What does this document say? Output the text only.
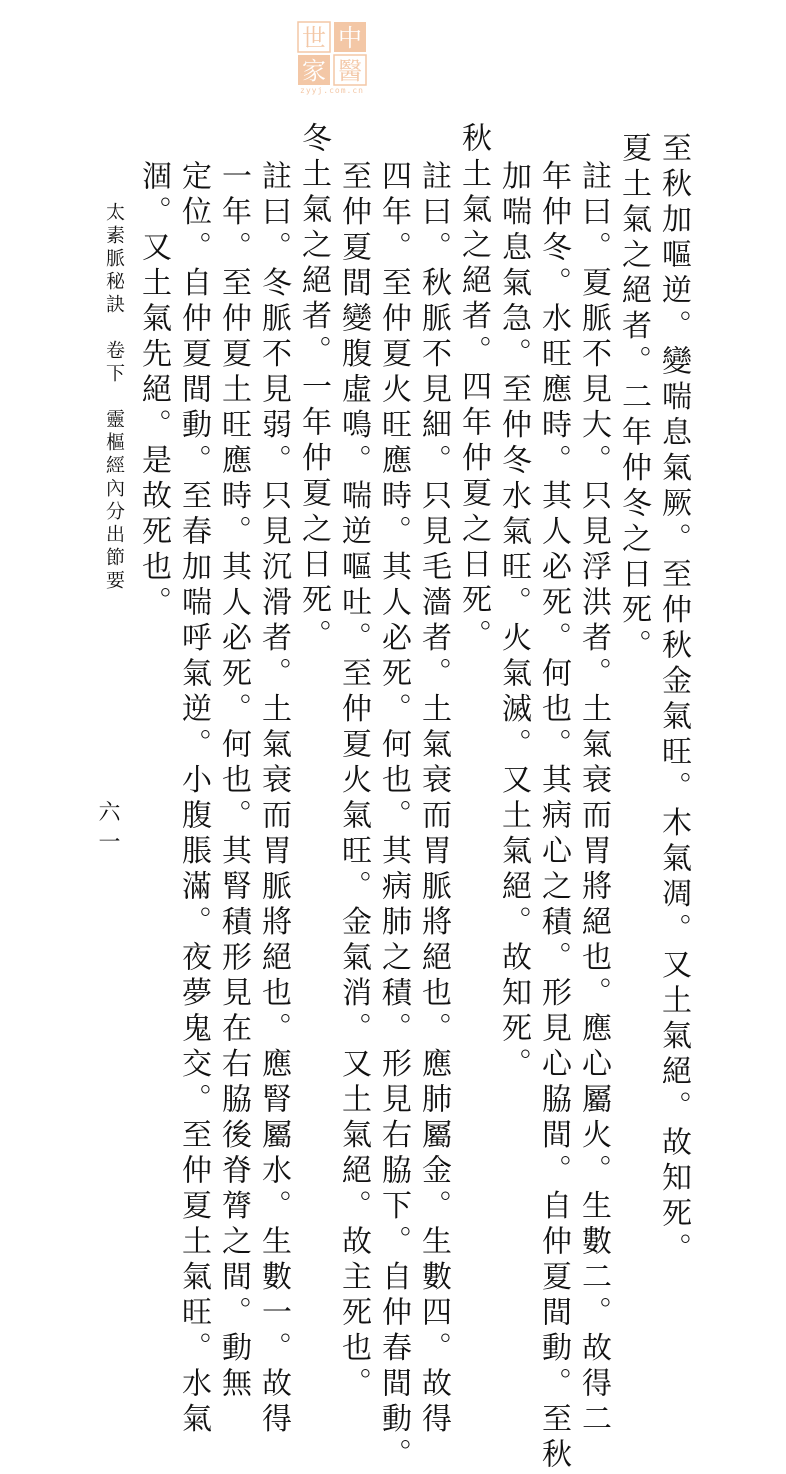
世 中
家 醫
zyyj.com.cn
至秋加嘔逆。變喘息氣厥。至仲秋金氣旺。木氣凋。又土氣絕。故知死。
夏土氣之絕者。二年仲冬之日死。
註曰。夏脈不見大。只見浮洪者。土氣衰而胃將絕也。應心屬火。生數二。故得二
年仲冬。水旺應時。其人必死。何也。其病心之積。形見心脇間。自仲夏間動。至秋
加喘息氣急。至仲冬水氣旺。火氣滅。又土氣絕。故知死。
秋土氣之絕者。四年仲夏之日死。
註曰。秋脈不見細。只見毛濇者。土氣衰而胃脈將絕也。應肺屬金。生數四。故得
四年。至仲夏火旺應時。其人必死。何也。其病肺之積。形見右脇下。自仲春間動。
至仲夏間變腹虛鳴。喘逆嘔吐。至仲夏火氣旺。金氣消。又土氣絕。故主死也。
冬土氣之絕者。一年仲夏之日死。
註曰。冬脈不見弱。只見沉滑者。土氣衰而胃脈將絕也。應腎屬水。生數一。故得
一年。至仲夏土旺應時。其人必死。何也。其腎積形見在右脇後脊膂之間。動無
定位。自仲夏間動。至春加喘呼氣逆。小腹脹滿。夜夢鬼交。至仲夏土氣旺。水氣
涸。又土氣先絕。是故死也。
太素脈秘訣　卷下　靈樞經內分出節要
六一
